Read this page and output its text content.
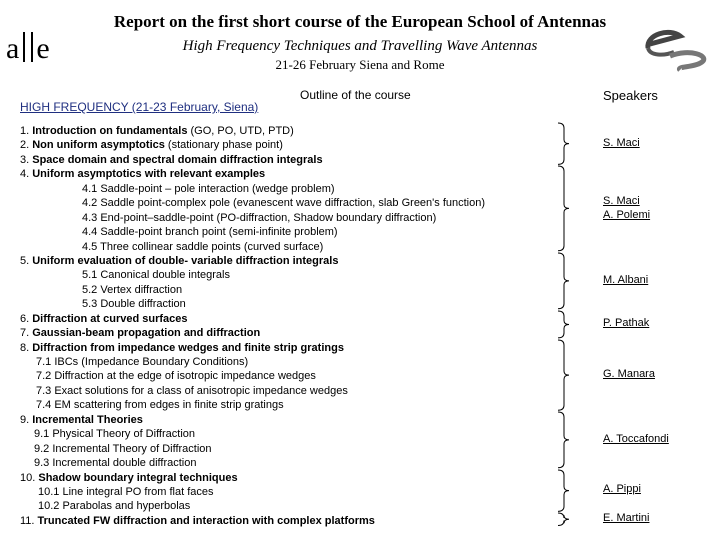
Report on the first short course of the European School of Antennas
High Frequency Techniques and Travelling Wave Antennas
21-26 February Siena and Rome
a e
Outline of the course	Speakers
HIGH FREQUENCY (21-23 February, Siena)
1. Introduction on fundamentals (GO, PO, UTD, PTD)
2. Non uniform asymptotics (stationary phase point)
3. Space domain and spectral domain diffraction integrals
4. Uniform asymptotics with relevant examples
4.1 Saddle-point – pole interaction (wedge problem)
4.2 Saddle point-complex pole (evanescent wave diffraction, slab Green's function)
4.3 End-point–saddle-point (PO-diffraction, Shadow boundary diffraction)
4.4 Saddle-point branch point (semi-infinite problem)
4.5 Three collinear saddle points (curved surface)
5. Uniform evaluation of double- variable diffraction integrals
5.1 Canonical double integrals
5.2 Vertex diffraction
5.3 Double diffraction
6. Diffraction at curved surfaces
7. Gaussian-beam propagation and diffraction
8. Diffraction from impedance wedges and finite strip gratings
7.1 IBCs (Impedance Boundary Conditions)
7.2 Diffraction at the edge of isotropic impedance wedges
7.3 Exact solutions for a class of anisotropic impedance wedges
7.4 EM scattering from edges in finite strip gratings
9. Incremental Theories
9.1 Physical Theory of Diffraction
9.2 Incremental Theory of Diffraction
9.3 Incremental double diffraction
10. Shadow boundary integral techniques
10.1 Line integral PO from flat faces
10.2 Parabolas and hyperbolas
11. Truncated FW diffraction and interaction with complex platforms
S. Maci
S. Maci
A. Polemi
M. Albani
P. Pathak
G. Manara
A. Toccafondi
A. Pippi
E. Martini
